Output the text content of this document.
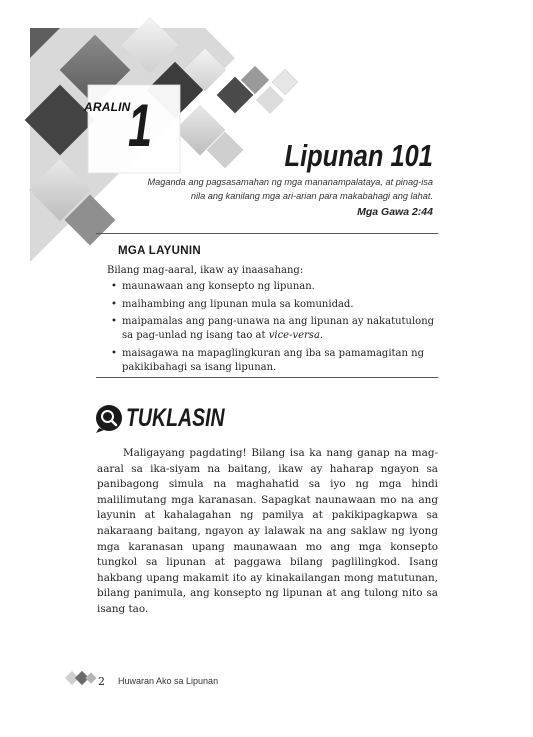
ARALIN
1	Lipunan 101
Maganda ang pagsasamahan ng mga mananampalataya, at pinag-isa nila ang kanilang mga ari-arian para makabahagi ang lahat.
Mga Gawa 2:44
MGA LAYUNIN
Bilang mag-aaral, ikaw ay inaasahang:
• maunawaan ang konsepto ng lipunan.
• maihambing ang lipunan mula sa komunidad.
• maipamalas ang pang-unawa na ang lipunan ay nakatutulong sa pag-unlad ng isang tao at vice-versa.
• maisagawa na mapaglingkuran ang iba sa pamamagitan ng pakikibahagi sa isang lipunan.
TUKLASIN

Maligayang pagdating! Bilang isa ka nang ganap na mag-aaral sa ika-siyam na baitang, ikaw ay haharap ngayon sa panibagong simula na maghahatid sa iyo ng mga hindi malilimutang mga karanasan. Sapagkat naunawaan mo na ang layunin at kahalagahan ng pamilya at pakikipagkapwa sa nakaraang baitang, ngayon ay lalawak na ang saklaw ng iyong mga karanasan upang maunawaan mo ang mga konsepto tungkol sa lipunan at paggawa bilang paglilingkod. Isang hakbang upang makamit ito ay kinakailangan mong matutunan, bilang panimula, ang konsepto ng lipunan at ang tulong nito sa isang tao.

2 Huwaran Ako sa Lipunan
